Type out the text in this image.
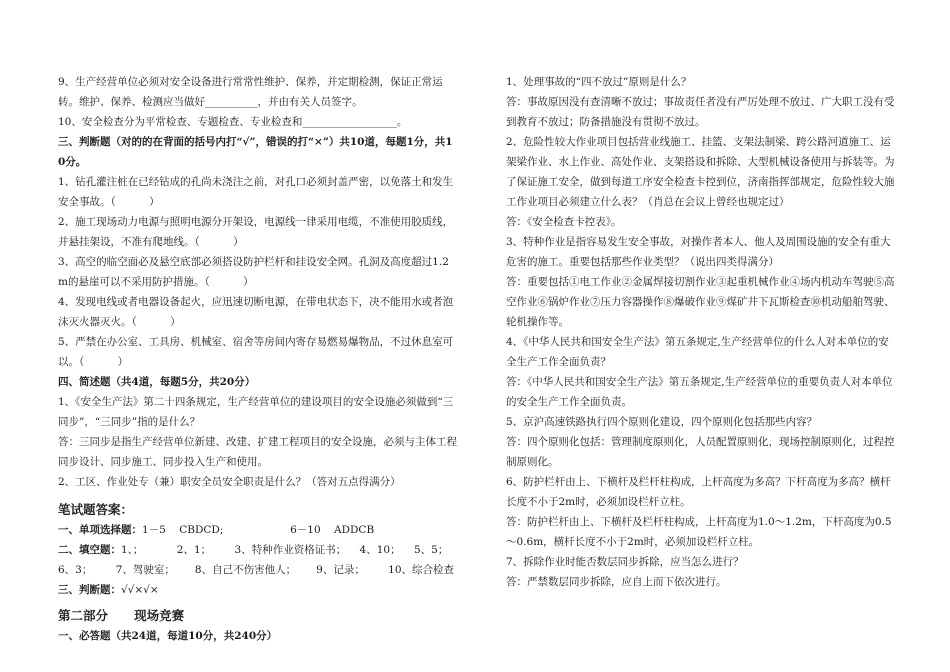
9、生产经营单位必须对安全设备进行常常性维护、保养，并定期检测，保证正常运转。维护、保养、检测应当做好__________，并由有关人员签字。

10、安全检查分为平常检查、专题检查、专业检查和__________________。

三、判断题（对的的在背面的括号内打“√”，错误的打“×”）共10道，每题1分，共10分。

1、钻孔灌注桩在已经钻成的孔尚未浇注之前，对孔口必须封盖严密，以免落土和发生安全事故。（          ）

2、施工现场动力电源与照明电源分开架设，电源线一律采用电缆，不准使用胶质线，并悬挂架设，不准有爬地线。（          ）

3、高空的临空面必及悬空底部必须搭设防护栏杆和挂设安全网。孔洞及高度超过1.2m的悬崖可以不采用防护措施。（          ）

4、发现电线或者电器设备起火，应迅速切断电源，在带电状态下，决不能用水或者泡沫灭火器灭火。（          ）

5、严禁在办公室、工具房、机械室、宿舍等房间内寄存易燃易爆物品，不过休息室可以。（          ）

四、简述题（共4道，每题5分，共20分）

1、《安全生产法》第二十四条规定，生产经营单位的建设项目的安全设施必须做到“三同步”，“三同步”指的是什么？

答：三同步是指生产经营单位新建、改建、扩建工程项目的安全设施，必须与主体工程同步设计、同步施工、同步投入生产和使用。

2、工区、作业处专（兼）职安全员安全职责是什么？（答对五点得满分）

笔试题答案：

一、单项选择题：1－5    CBDCD;                    6－10    ADDCB

二、填空题：1、；          2、1；       3、特种作业资格证书；    4、10；    5、5；    6、3；       7、驾驶室；      8、自己不伤害他人；      9、记录；       10、综合检查

三、判断题：√√×√×

第二部分      现场竞赛

一、必答题（共24道，每道10分，共240分）

1、处理事故的“四不放过”原则是什么？

答：事故原因没有查清晰不放过；事故责任者没有严厉处理不放过、广大职工没有受到教育不放过；防备措施没有贯彻不放过。

2、危险性较大作业项目包括营业线施工、挂篮、支架法制梁、跨公路河道施工、运架梁作业、水上作业、高处作业、支架搭设和拆除、大型机械设备使用与拆装等。为了保证施工安全，做到每道工序安全检查卡控到位，济南指挥部规定，危险性较大施工作业项目必须建立什么表？（肖总在会议上曾经也规定过）

答：《安全检查卡控表》。

3、特种作业是指容易发生安全事故，对操作者本人、他人及周围设施的安全有重大危害的施工。重要包括那些作业类型？（说出四类得满分）

答：重要包括①电工作业②金属焊接切割作业③起重机械作业④场内机动车驾驶⑤高空作业⑥锅炉作业⑦压力容器操作⑧爆破作业⑨煤矿井下瓦斯检查⑩机动船舶驾驶、轮机操作等。

4、《中华人民共和国安全生产法》第五条规定,生产经营单位的什么人对本单位的安全生产工作全面负责？

答：《中华人民共和国安全生产法》第五条规定,生产经营单位的重要负责人对本单位的安全生产工作全面负责。

5、京沪高速铁路执行四个原则化建设，四个原则化包括那些内容？

答：四个原则化包括：管理制度原则化，人员配置原则化，现场控制原则化，过程控制原则化。

6、防护栏杆由上、下横杆及栏杆柱构成，上杆高度为多高？下杆高度为多高？横杆长度不小于2m时，必须加设栏杆立柱。

答：防护栏杆由上、下横杆及栏杆柱构成，上杆高度为1.0～1.2m，下杆高度为0.5～0.6m，横杆长度不小于2m时，必须加设栏杆立柱。

7、拆除作业时能否数层同步拆除，应当怎么进行？

答：严禁数层同步拆除，应自上而下依次进行。
